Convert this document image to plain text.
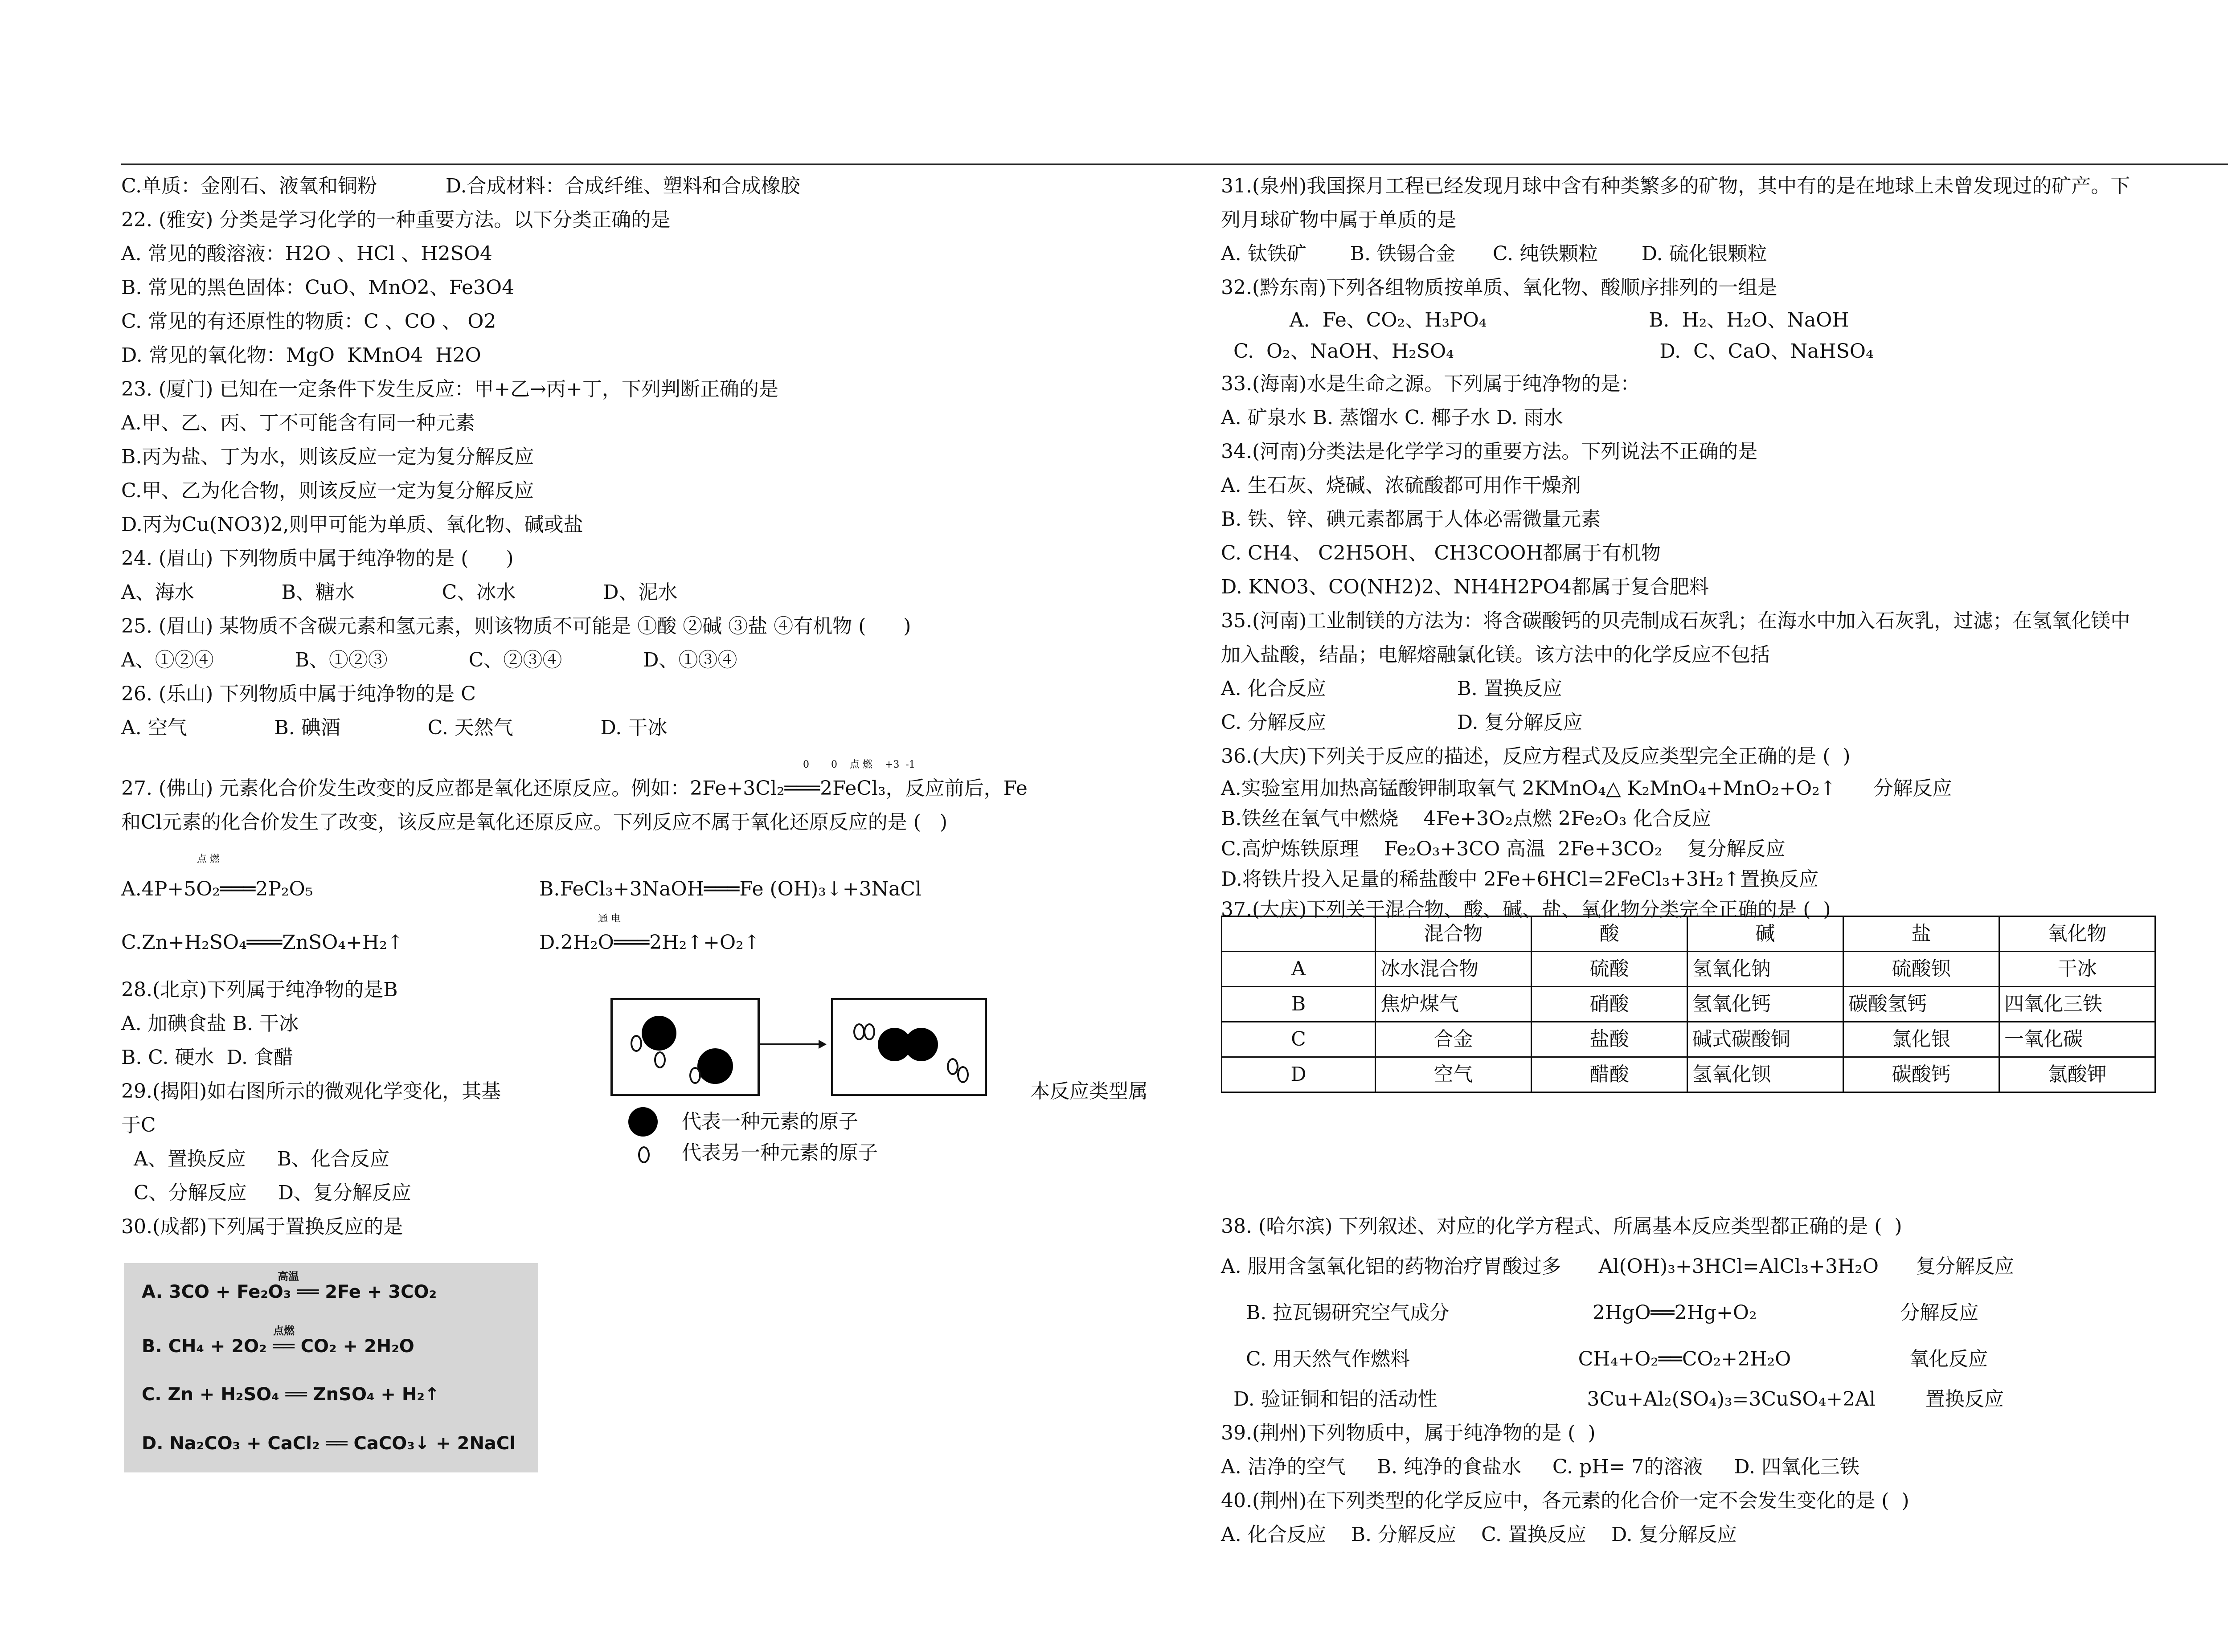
C.单质：金刚石、液氧和铜粉           D.合成材料：合成纤维、塑料和合成橡胶
22. (雅安) 分类是学习化学的一种重要方法。以下分类正确的是
A. 常见的酸溶液：H2O 、HCl 、H2SO4
B. 常见的黑色固体：CuO、MnO2、Fe3O4
C. 常见的有还原性的物质：C 、CO 、 O2
D. 常见的氧化物：MgO  KMnO4  H2O
23. (厦门) 已知在一定条件下发生反应：甲+乙→丙+丁，下列判断正确的是
A.甲、乙、丙、丁不可能含有同一种元素
B.丙为盐、丁为水，则该反应一定为复分解反应
C.甲、乙为化合物，则该反应一定为复分解反应
D.丙为Cu(NO3)2,则甲可能为单质、氧化物、碱或盐
24. (眉山) 下列物质中属于纯净物的是 (      )
A、海水              B、糖水              C、冰水              D、泥水
25. (眉山) 某物质不含碳元素和氢元素，则该物质不可能是 ①酸 ②碱 ③盐 ④有机物 (      )
A、①②④             B、①②③             C、②③④             D、①③④
26. (乐山) 下列物质中属于纯净物的是 C
A. 空气              B. 碘酒              C. 天然气              D. 干冰
0       0    点 燃    +3  -1
27. (佛山) 元素化合价发生改变的反应都是氧化还原反应。例如：2Fe+3Cl₂═══2FeCl₃，反应前后，Fe
和Cl元素的化合价发生了改变，该反应是氧化还原反应。下列反应不属于氧化还原反应的是 (   )
点 燃
A.4P+5O₂═══2P₂O₅	B.FeCl₃+3NaOH═══Fe (OH)₃↓+3NaCl
通 电
C.Zn+H₂SO₄═══ZnSO₄+H₂↑	D.2H₂O═══2H₂↑+O₂↑
28.(北京)下列属于纯净物的是B
A. 加碘食盐 B. 干冰
B. C. 硬水  D. 食醋
29.(揭阳)如右图所示的微观化学变化，其基	本反应类型属
于C
A、置换反应     B、化合反应
C、分解反应     D、复分解反应
30.(成都)下列属于置换反应的是
代表一种元素的原子
代表另一种元素的原子
高温
A. 3CO + Fe₂O₃ ══ 2Fe + 3CO₂
点燃
B. CH₄ + 2O₂ ══ CO₂ + 2H₂O
C. Zn + H₂SO₄ ══ ZnSO₄ + H₂↑
D. Na₂CO₃ + CaCl₂ ══ CaCO₃↓ + 2NaCl
31.(泉州)我国探月工程已经发现月球中含有种类繁多的矿物，其中有的是在地球上未曾发现过的矿产。下
列月球矿物中属于单质的是
A. 钛铁矿       B. 铁锡合金      C. 纯铁颗粒       D. 硫化银颗粒
32.(黔东南)下列各组物质按单质、氧化物、酸顺序排列的一组是
A.  Fe、CO₂、H₃PO₄                          B.  H₂、H₂O、NaOH
C.  O₂、NaOH、H₂SO₄                                 D.  C、CaO、NaHSO₄
33.(海南)水是生命之源。下列属于纯净物的是：
A. 矿泉水 B. 蒸馏水 C. 椰子水 D. 雨水
34.(河南)分类法是化学学习的重要方法。下列说法不正确的是
A. 生石灰、烧碱、浓硫酸都可用作干燥剂
B. 铁、锌、碘元素都属于人体必需微量元素
C. CH4、 C2H5OH、 CH3COOH都属于有机物
D. KNO3、CO(NH2)2、NH4H2PO4都属于复合肥料
35.(河南)工业制镁的方法为：将含碳酸钙的贝壳制成石灰乳；在海水中加入石灰乳，过滤；在氢氧化镁中
加入盐酸，结晶；电解熔融氯化镁。该方法中的化学反应不包括
A. 化合反应                     B. 置换反应
C. 分解反应                     D. 复分解反应
36.(大庆)下列关于反应的描述，反应方程式及反应类型完全正确的是 (  )
A.实验室用加热高锰酸钾制取氧气 2KMnO₄△ K₂MnO₄+MnO₂+O₂↑      分解反应
B.铁丝在氧气中燃烧    4Fe+3O₂点燃 2Fe₂O₃ 化合反应
C.高炉炼铁原理    Fe₂O₃+3CO 高温  2Fe+3CO₂    复分解反应
D.将铁片投入足量的稀盐酸中 2Fe+6HCl=2FeCl₃+3H₂↑置换反应
37.(大庆)下列关于混合物、酸、碱、盐、氧化物分类完全正确的是 (  )
	混合物	酸	碱	盐	氧化物
A	冰水混合物	硫酸	氢氧化钠	硫酸钡	干冰
B	焦炉煤气	硝酸	氢氧化钙	碳酸氢钙	四氧化三铁
C	合金	盐酸	碱式碳酸铜	氯化银	一氧化碳
D	空气	醋酸	氢氧化钡	碳酸钙	氯酸钾
38. (哈尔滨) 下列叙述、对应的化学方程式、所属基本反应类型都正确的是 (  )
A. 服用含氢氧化铝的药物治疗胃酸过多      Al(OH)₃+3HCl=AlCl₃+3H₂O      复分解反应
B. 拉瓦锡研究空气成分                       2HgO══2Hg+O₂                       分解反应
C. 用天然气作燃料                           CH₄+O₂══CO₂+2H₂O                   氧化反应
D. 验证铜和铝的活动性                        3Cu+Al₂(SO₄)₃=3CuSO₄+2Al        置换反应
39.(荆州)下列物质中，属于纯净物的是 (  )
A. 洁净的空气     B. 纯净的食盐水     C. pH= 7的溶液     D. 四氧化三铁
40.(荆州)在下列类型的化学反应中，各元素的化合价一定不会发生变化的是 (  )
A. 化合反应    B. 分解反应    C. 置换反应    D. 复分解反应
